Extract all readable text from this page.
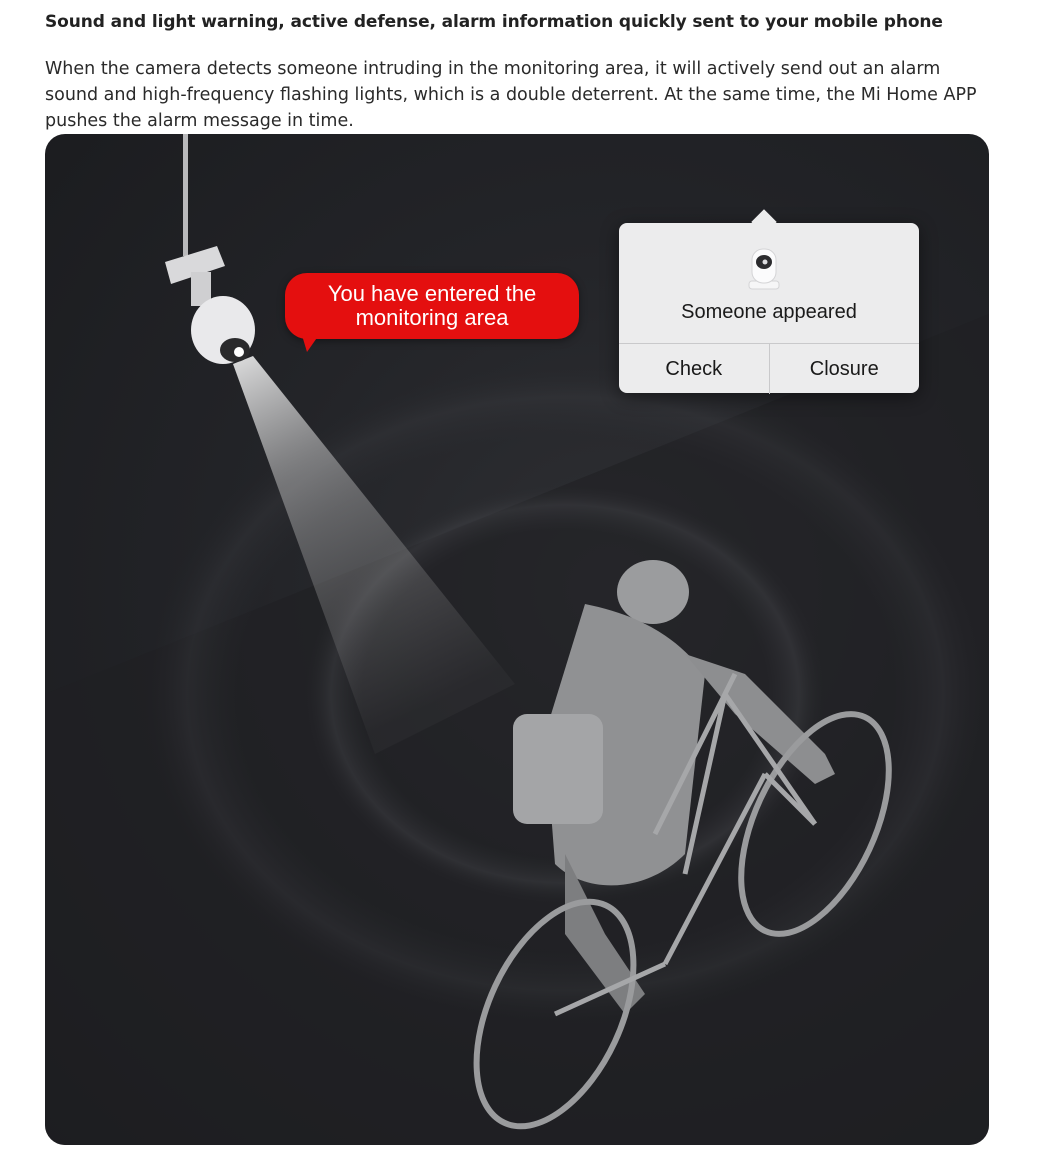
Sound and light warning, active defense, alarm information quickly sent to your mobile phone

When the camera detects someone intruding in the monitoring area, it will actively send out an alarm sound and high-frequency flashing lights, which is a double deterrent. At the same time, the Mi Home APP pushes the alarm message in time.

You have entered the
monitoring area	Someone appeared
Check	Closure
